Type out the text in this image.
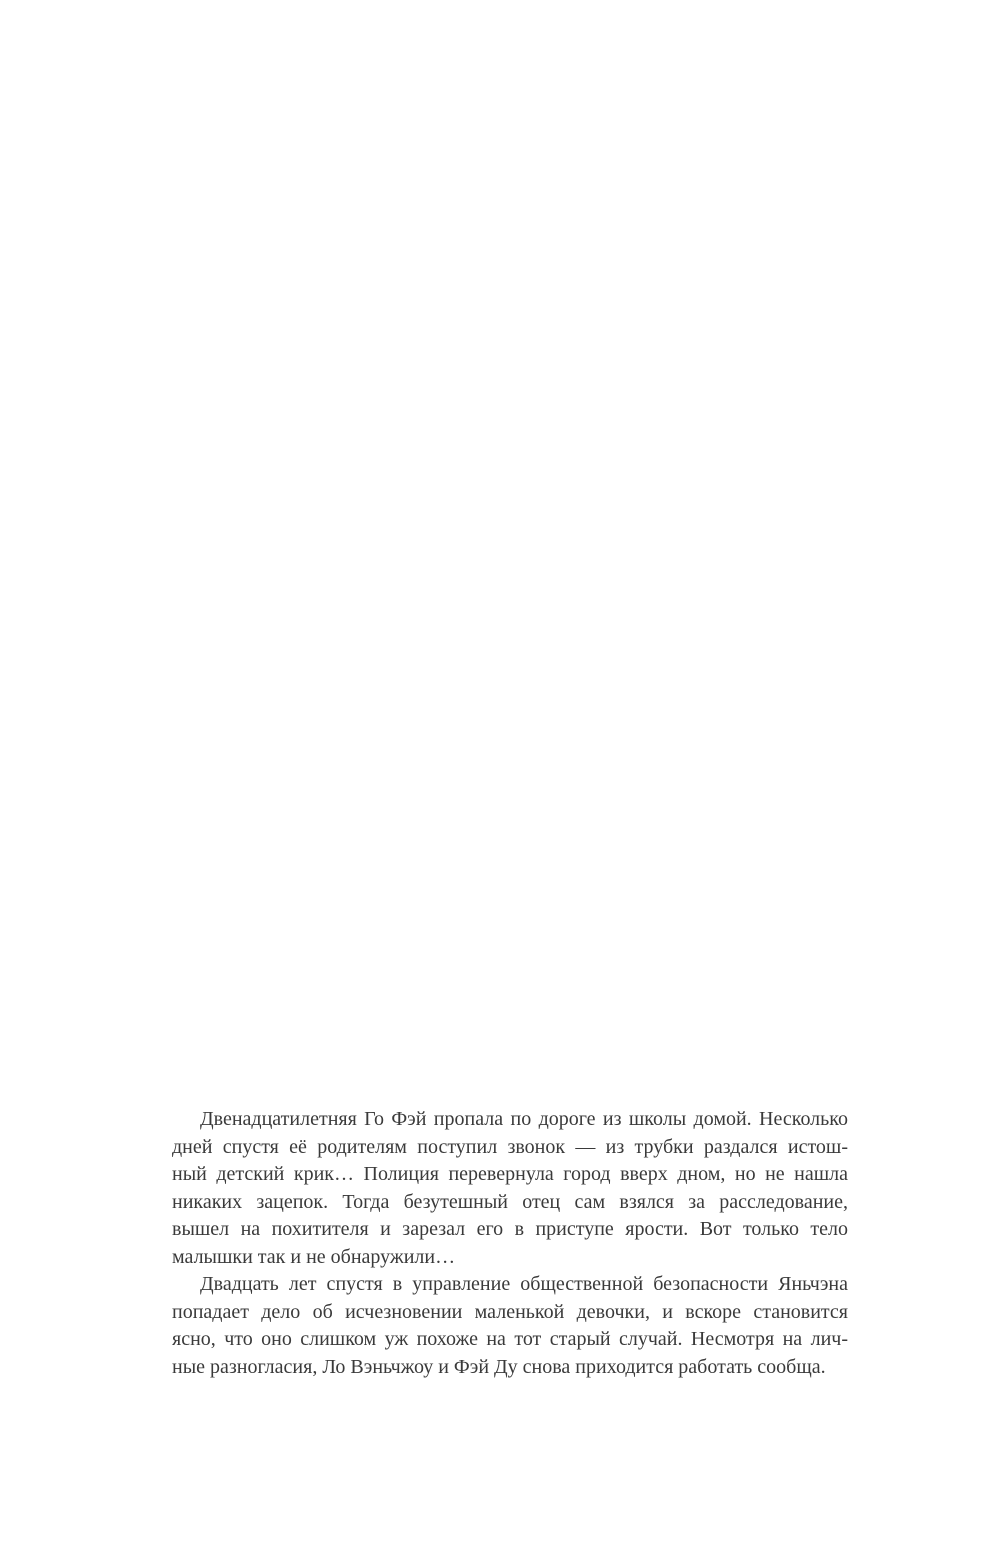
Двенадцатилетняя Го Фэй пропала по дороге из школы домой. Несколько
дней спустя её родителям поступил звонок — из трубки раздался истош-
ный детский крик… Полиция перевернула город вверх дном, но не нашла
никаких зацепок. Тогда безутешный отец сам взялся за расследование,
вышел на похитителя и зарезал его в приступе ярости. Вот только тело
малышки так и не обнаружили…
Двадцать лет спустя в управление общественной безопасности Яньчэна
попадает дело об исчезновении маленькой девочки, и вскоре становится
ясно, что оно слишком уж похоже на тот старый случай. Несмотря на лич-
ные разногласия, Ло Вэньчжоу и Фэй Ду снова приходится работать сообща.
